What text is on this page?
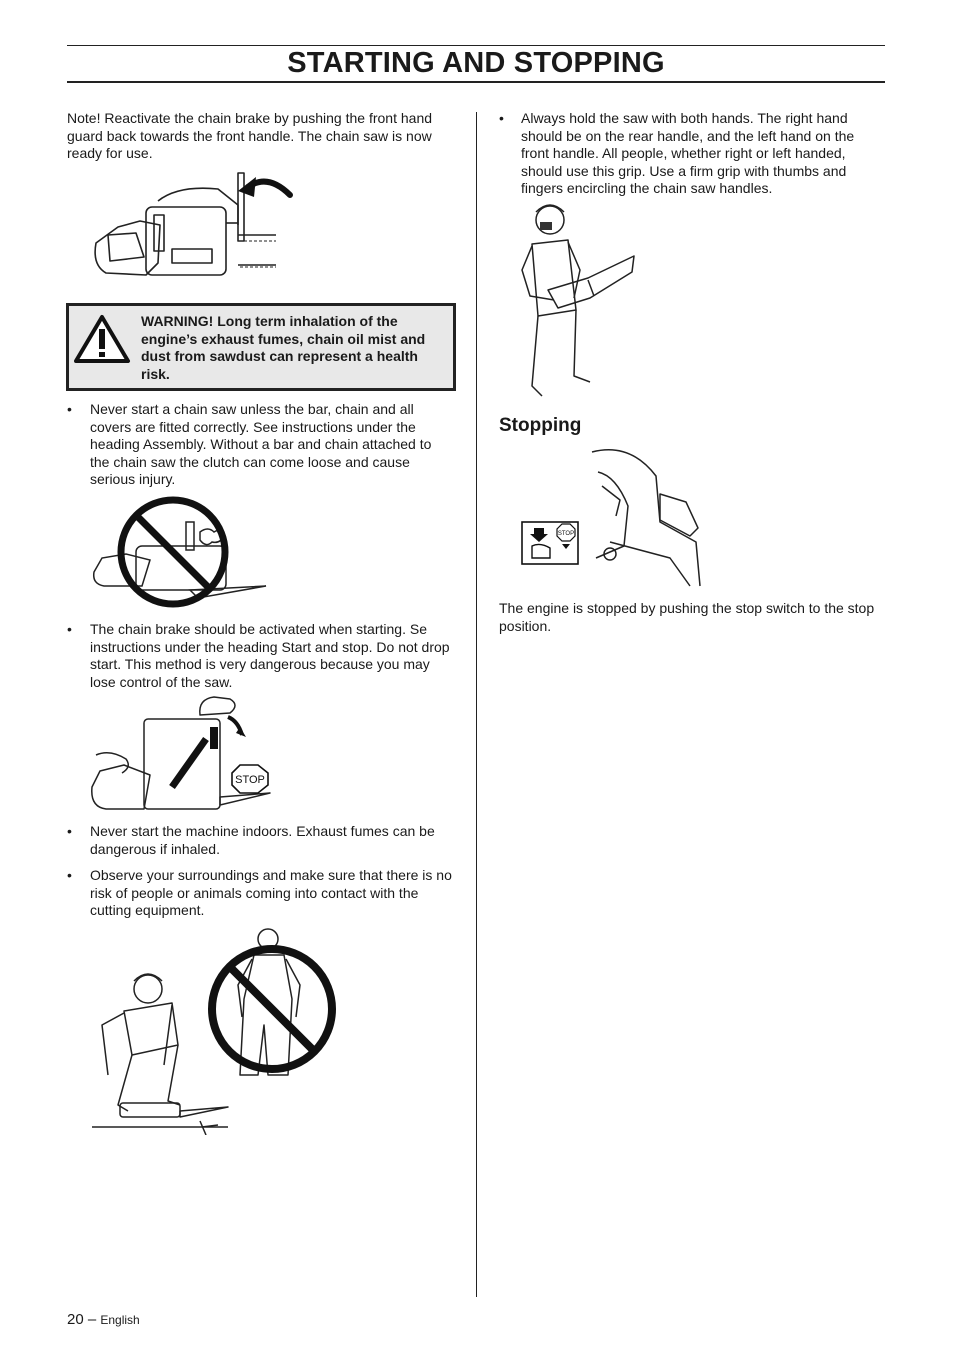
STARTING AND STOPPING

Note! Reactivate the chain brake by pushing the front hand guard back towards the front handle. The chain saw is now ready for use.

WARNING! Long term inhalation of the engine’s exhaust fumes, chain oil mist and dust from sawdust can represent a health risk.
•	Never start a chain saw unless the bar, chain and all covers are fitted correctly. See instructions under the heading Assembly. Without a bar and chain attached to the chain saw the clutch can come loose and cause serious injury.
•	The chain brake should be activated when starting. Se instructions under the heading Start and stop. Do not drop start. This method is very dangerous because you may lose control of the saw.
STOP
•	Never start the machine indoors. Exhaust fumes can be dangerous if inhaled.
•	Observe your surroundings and make sure that there is no risk of people or animals coming into contact with the cutting equipment.
•	Always hold the saw with both hands. The right hand should be on the rear handle, and the left hand on the front handle. All people, whether right or left handed, should use this grip. Use a firm grip with thumbs and fingers encircling the chain saw handles.
Stopping
STOP

The engine is stopped by pushing the stop switch to the stop position.

20 – English
